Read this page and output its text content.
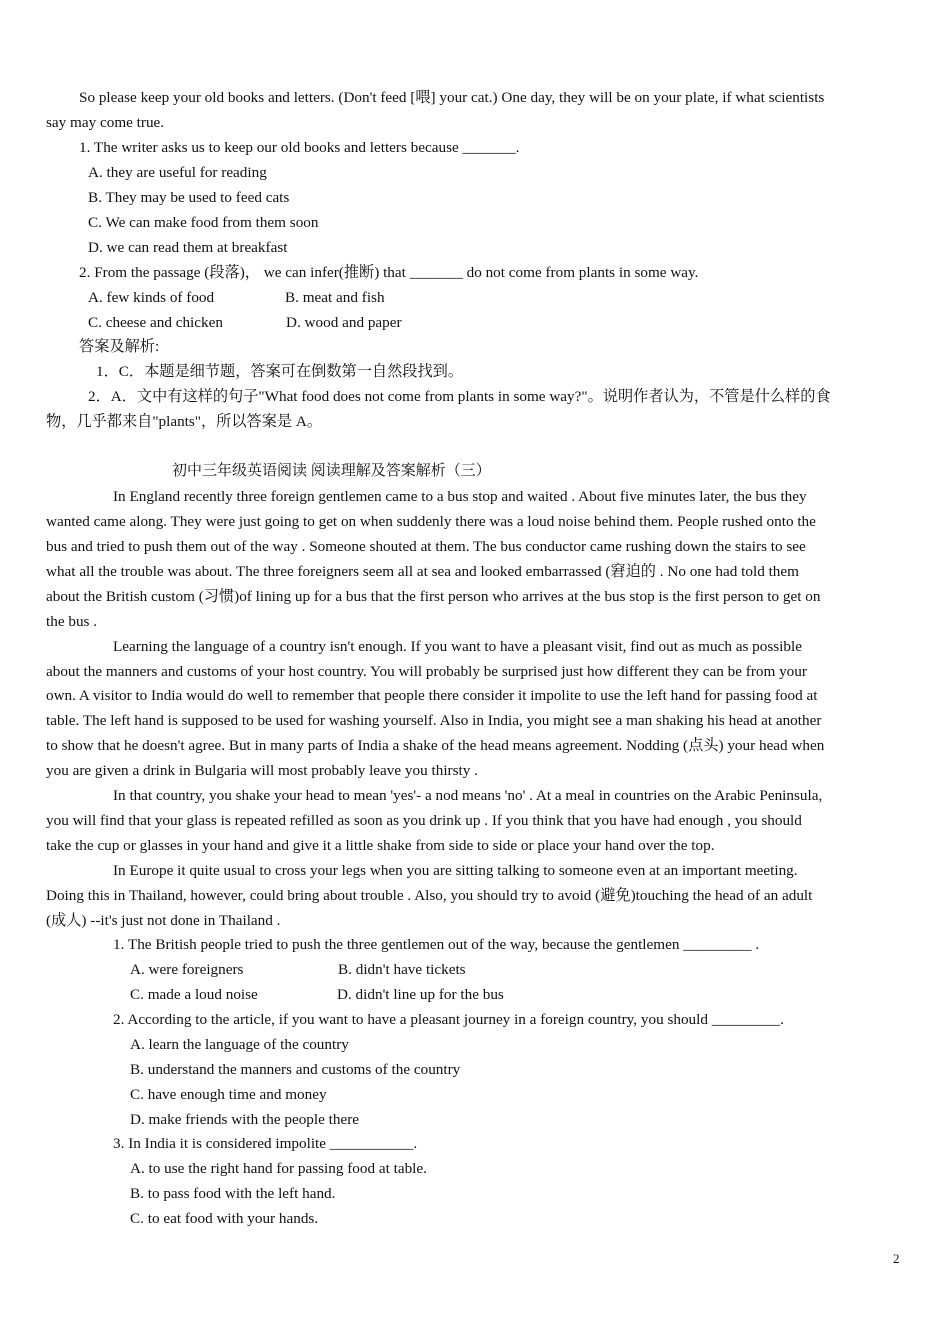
So please keep your old books and letters. (Don't feed [喂] your cat.) One day, they will be on your plate, if what scientists
say may come true.
1. The writer asks us to keep our old books and letters because _______.
A. they are useful for reading
B. They may be used to feed cats
C. We can make food from them soon
D. we can read them at breakfast
2. From the passage (段落)， we can infer(推断) that _______ do not come from plants in some way.
A. few kinds of food	B. meat and fish
C. cheese and chicken	D. wood and paper
答案及解析:
1．C．本题是细节题，答案可在倒数第一自然段找到。
2．A．文中有这样的句子"What food does not come from plants in some way?"。说明作者认为，不管是什么样的食
物，几乎都来自"plants"，所以答案是 A。
初中三年级英语阅读 阅读理解及答案解析（三）
In England recently three foreign gentlemen came to a bus stop and waited . About five minutes later, the bus they
wanted came along. They were just going to get on when suddenly there was a loud noise behind them. People rushed onto the
bus and tried to push them out of the way . Someone shouted at them. The bus conductor came rushing down the stairs to see
what all the trouble was about. The three foreigners seem all at sea and looked embarrassed (窘迫的 . No one had told them
about the British custom (习惯)of lining up for a bus that the first person who arrives at the bus stop is the first person to get on
the bus .
Learning the language of a country isn't enough. If you want to have a pleasant visit, find out as much as possible
about the manners and customs of your host country. You will probably be surprised just how different they can be from your
own. A visitor to India would do well to remember that people there consider it impolite to use the left hand for passing food at
table. The left hand is supposed to be used for washing yourself. Also in India, you might see a man shaking his head at another
to show that he doesn't agree. But in many parts of India a shake of the head means agreement. Nodding (点头) your head when
you are given a drink in Bulgaria will most probably leave you thirsty .
In that country, you shake your head to mean 'yes'- a nod means 'no' . At a meal in countries on the Arabic Peninsula,
you will find that your glass is repeated refilled as soon as you drink up . If you think that you have had enough , you should
take the cup or glasses in your hand and give it a little shake from side to side or place your hand over the top.
In Europe it quite usual to cross your legs when you are sitting talking to someone even at an important meeting.
Doing this in Thailand, however, could bring about trouble . Also, you should try to avoid (避免)touching the head of an adult
(成人) --it's just not done in Thailand .
1. The British people tried to push the three gentlemen out of the way, because the gentlemen _________ .
A. were foreigners	B. didn't have tickets
C. made a loud noise	D. didn't line up for the bus
2. According to the article, if you want to have a pleasant journey in a foreign country, you should _________.
A. learn the language of the country
B. understand the manners and customs of the country
C. have enough time and money
D. make friends with the people there
3. In India it is considered impolite ___________.
A. to use the right hand for passing food at table.
B. to pass food with the left hand.
C. to eat food with your hands.
2
